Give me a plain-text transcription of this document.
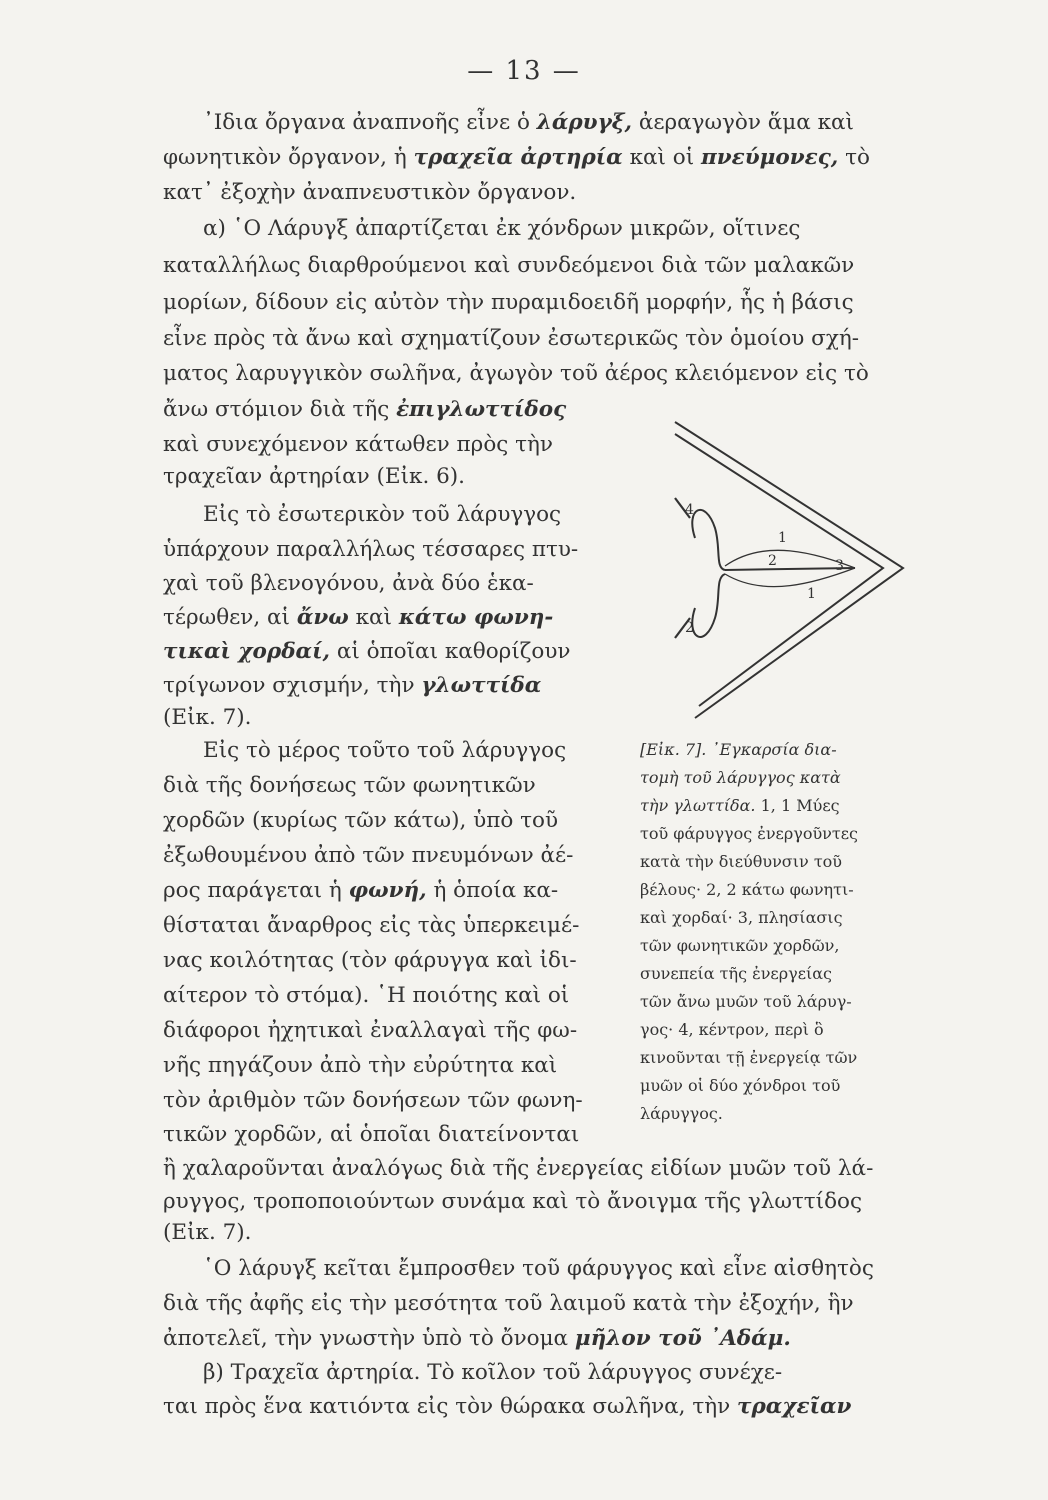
— 13 —
᾽Ιδια ὄργανα ἀναπνοῆς εἶνε ὁ λάρυγξ, ἀεραγωγὸν ἅμα καὶ
φωνητικὸν ὄργανον, ἡ τραχεῖα ἀρτηρία καὶ οἱ πνεύμονες, τὸ
κατ᾽ ἐξοχὴν ἀναπνευστικὸν ὄργανον.
α) ῾Ο Λάρυγξ ἀπαρτίζεται ἐκ χόνδρων μικρῶν, οἵτινες
καταλλήλως διαρθρούμενοι καὶ συνδεόμενοι διὰ τῶν μαλακῶν
μορίων, δίδουν εἰς αὐτὸν τὴν πυραμιδοειδῆ μορφήν, ἧς ἡ βάσις
εἶνε πρὸς τὰ ἄνω καὶ σχηματίζουν ἐσωτερικῶς τὸν ὁμοίου σχή-
ματος λαρυγγικὸν σωλῆνα, ἀγωγὸν τοῦ ἀέρος κλειόμενον εἰς τὸ
ἄνω στόμιον διὰ τῆς ἐπιγλωττίδος
καὶ συνεχόμενον κάτωθεν πρὸς τὴν
τραχεῖαν ἀρτηρίαν (Εἰκ. 6).
Εἰς τὸ ἐσωτερικὸν τοῦ λάρυγγος
ὑπάρχουν παραλλήλως τέσσαρες πτυ-
χαὶ τοῦ βλενογόνου, ἀνὰ δύο ἑκα-
τέρωθεν, αἱ ἄνω καὶ κάτω φωνη-
τικαὶ χορδαί, αἱ ὁποῖαι καθορίζουν
τρίγωνον σχισμήν, τὴν γλωττίδα
(Εἰκ. 7).
Εἰς τὸ μέρος τοῦτο τοῦ λάρυγγος
διὰ τῆς δονήσεως τῶν φωνητικῶν
χορδῶν (κυρίως τῶν κάτω), ὑπὸ τοῦ
ἐξωθουμένου ἀπὸ τῶν πνευμόνων ἀέ-
ρος παράγεται ἡ φωνή, ἡ ὁποία κα-
θίσταται ἄναρθρος εἰς τὰς ὑπερκειμέ-
νας κοιλότητας (τὸν φάρυγγα καὶ ἰδι-
αίτερον τὸ στόμα). ῾Η ποιότης καὶ οἱ
διάφοροι ἠχητικαὶ ἐναλλαγαὶ τῆς φω-
νῆς πηγάζουν ἀπὸ τὴν εὐρύτητα καὶ
τὸν ἀριθμὸν τῶν δονήσεων τῶν φωνη-
τικῶν χορδῶν, αἱ ὁποῖαι διατείνονται
ἢ χαλαροῦνται ἀναλόγως διὰ τῆς ἐνεργείας εἰδίων μυῶν τοῦ λά-
ρυγγος, τροποποιούντων συνάμα καὶ τὸ ἄνοιγμα τῆς γλωττίδος
(Εἰκ. 7).
῾Ο λάρυγξ κεῖται ἔμπροσθεν τοῦ φάρυγγος καὶ εἶνε αἰσθητὸς
διὰ τῆς ἀφῆς εἰς τὴν μεσότητα τοῦ λαιμοῦ κατὰ τὴν ἐξοχήν, ἣν
ἀποτελεῖ, τὴν γνωστὴν ὑπὸ τὸ ὄνομα μῆλον τοῦ ᾽Αδάμ.
β) Τραχεῖα ἀρτηρία. Τὸ κοῖλον τοῦ λάρυγγος συνέχε-
ται πρὸς ἕνα κατιόντα εἰς τὸν θώρακα σωλῆνα, τὴν τραχεῖαν
1
2	3
4
1
2
[Εἰκ. 7]. ᾽Εγκαρσία δια-
τομὴ τοῦ λάρυγγος κατὰ
τὴν γλωττίδα. 1, 1 Μύες
τοῦ φάρυγγος ἐνεργοῦντες
κατὰ τὴν διεύθυνσιν τοῦ
βέλους· 2, 2 κάτω φωνητι-
καὶ χορδαί· 3, πλησίασις
τῶν φωνητικῶν χορδῶν,
συνεπεία τῆς ἐνεργείας
τῶν ἄνω μυῶν τοῦ λάρυγ-
γος· 4, κέντρον, περὶ ὃ
κινοῦνται τῇ ἐνεργείᾳ τῶν
μυῶν οἱ δύο χόνδροι τοῦ
λάρυγγος.
